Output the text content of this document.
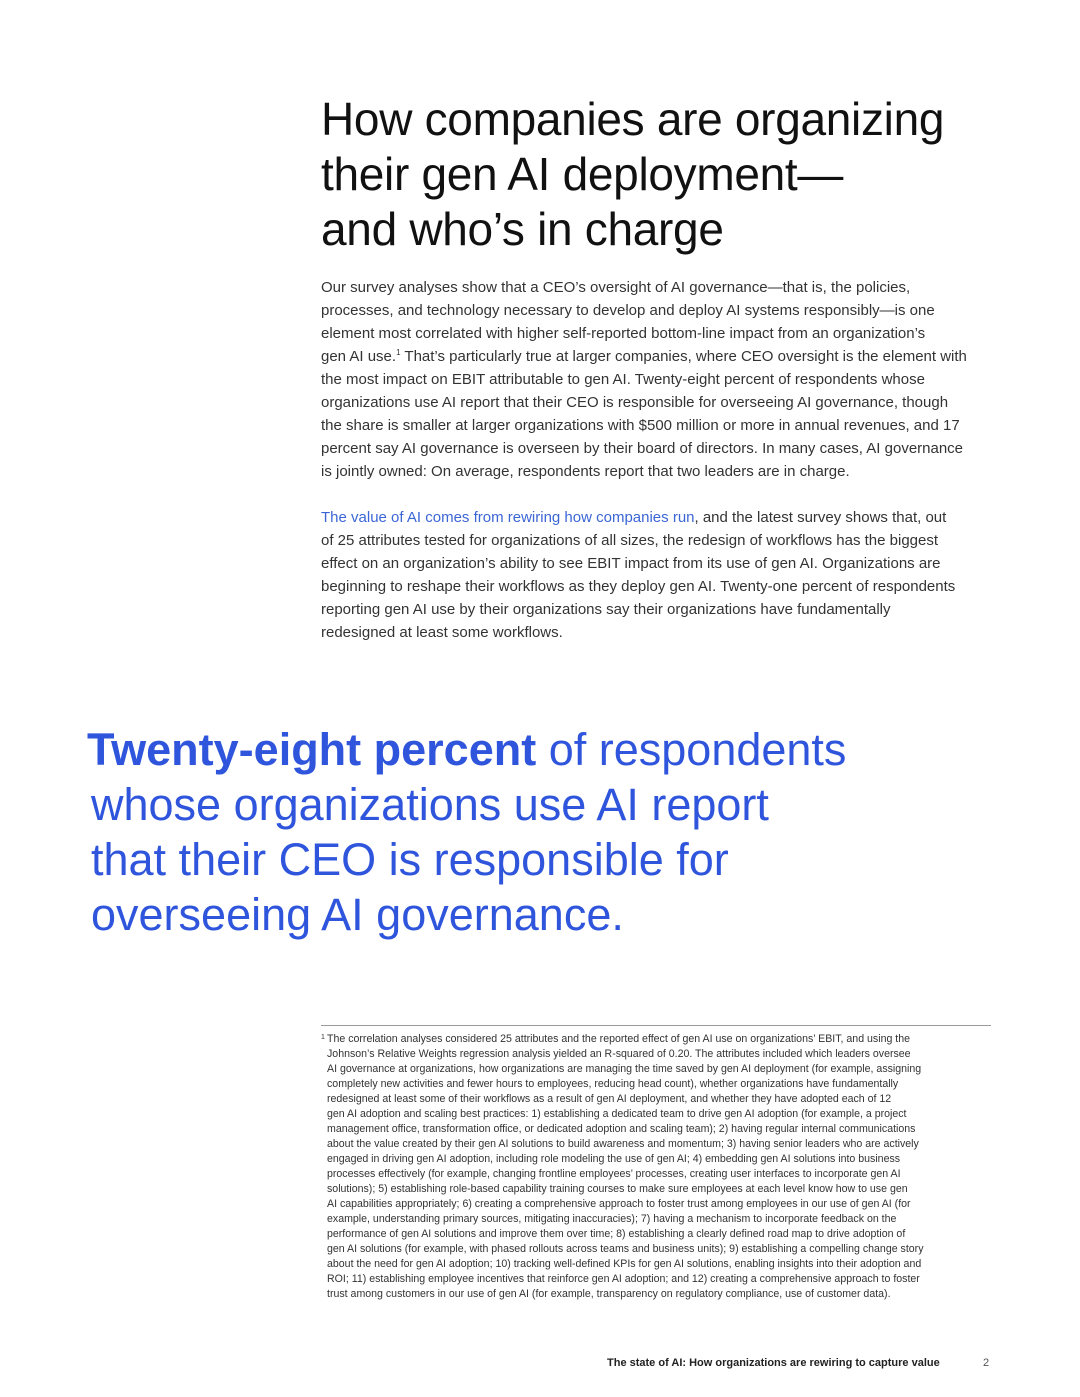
How companies are organizing
their gen AI deployment—
and who’s in charge
Our survey analyses show that a CEO’s oversight of AI governance—that is, the policies,
processes, and technology necessary to develop and deploy AI systems responsibly—is one
element most correlated with higher self-reported bottom-line impact from an organization’s
gen AI use.$^1$ That’s particularly true at larger companies, where CEO oversight is the element with
the most impact on EBIT attributable to gen AI. Twenty-eight percent of respondents whose
organizations use AI report that their CEO is responsible for overseeing AI governance, though
the share is smaller at larger organizations with $500 million or more in annual revenues, and 17
percent say AI governance is overseen by their board of directors. In many cases, AI governance
is jointly owned: On average, respondents report that two leaders are in charge.
The value of AI comes from rewiring how companies run, and the latest survey shows that, out
of 25 attributes tested for organizations of all sizes, the redesign of workflows has the biggest
effect on an organization’s ability to see EBIT impact from its use of gen AI. Organizations are
beginning to reshape their workflows as they deploy gen AI. Twenty-one percent of respondents
reporting gen AI use by their organizations say their organizations have fundamentally
redesigned at least some workflows.
Twenty-eight percent of respondents
whose organizations use AI report
that their CEO is responsible for
overseeing AI governance.
1 The correlation analyses considered 25 attributes and the reported effect of gen AI use on organizations’ EBIT, and using the
Johnson’s Relative Weights regression analysis yielded an R-squared of 0.20. The attributes included which leaders oversee
AI governance at organizations, how organizations are managing the time saved by gen AI deployment (for example, assigning
completely new activities and fewer hours to employees, reducing head count), whether organizations have fundamentally
redesigned at least some of their workflows as a result of gen AI deployment, and whether they have adopted each of 12
gen AI adoption and scaling best practices: 1) establishing a dedicated team to drive gen AI adoption (for example, a project
management office, transformation office, or dedicated adoption and scaling team); 2) having regular internal communications
about the value created by their gen AI solutions to build awareness and momentum; 3) having senior leaders who are actively
engaged in driving gen AI adoption, including role modeling the use of gen AI; 4) embedding gen AI solutions into business
processes effectively (for example, changing frontline employees’ processes, creating user interfaces to incorporate gen AI
solutions); 5) establishing role-based capability training courses to make sure employees at each level know how to use gen
AI capabilities appropriately; 6) creating a comprehensive approach to foster trust among employees in our use of gen AI (for
example, understanding primary sources, mitigating inaccuracies); 7) having a mechanism to incorporate feedback on the
performance of gen AI solutions and improve them over time; 8) establishing a clearly defined road map to drive adoption of
gen AI solutions (for example, with phased rollouts across teams and business units); 9) establishing a compelling change story
about the need for gen AI adoption; 10) tracking well-defined KPIs for gen AI solutions, enabling insights into their adoption and
ROI; 11) establishing employee incentives that reinforce gen AI adoption; and 12) creating a comprehensive approach to foster
trust among customers in our use of gen AI (for example, transparency on regulatory compliance, use of customer data).
The state of AI: How organizations are rewiring to capture value	2
